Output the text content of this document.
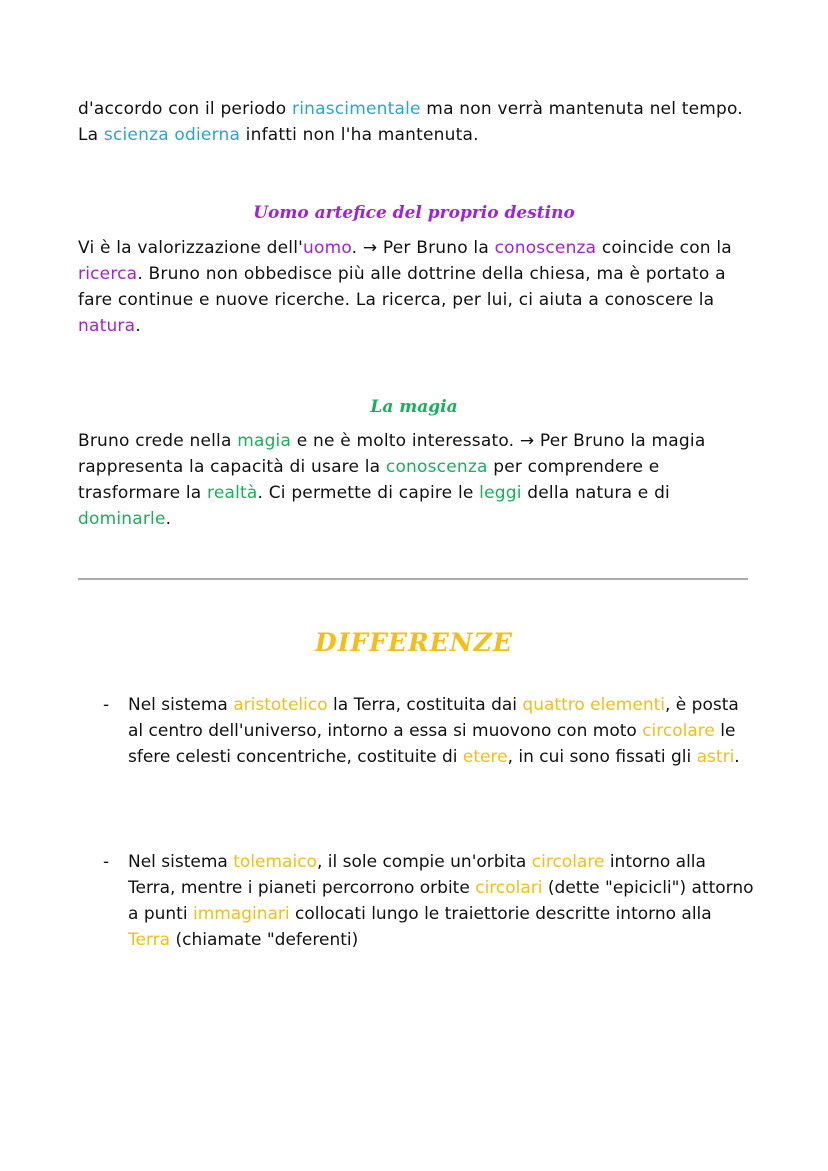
d'accordo con il periodo rinascimentale ma non verrà mantenuta nel tempo. La scienza odierna infatti non l'ha mantenuta.

Uomo artefice del proprio destino

Vi è la valorizzazione dell'uomo. → Per Bruno la conoscenza coincide con la ricerca. Bruno non obbedisce più alle dottrine della chiesa, ma è portato a fare continue e nuove ricerche. La ricerca, per lui, ci aiuta a conoscere la natura.

La magia

Bruno crede nella magia e ne è molto interessato. → Per Bruno la magia rappresenta la capacità di usare la conoscenza per comprendere e trasformare la realtà. Ci permette di capire le leggi della natura e di dominarle.

DIFFERENZE
- Nel sistema aristotelico la Terra, costituita dai quattro elementi, è posta al centro dell'universo, intorno a essa si muovono con moto circolare le sfere celesti concentriche, costituite di etere, in cui sono fissati gli astri.
- Nel sistema tolemaico, il sole compie un'orbita circolare intorno alla Terra, mentre i pianeti percorrono orbite circolari (dette "epicicli") attorno a punti immaginari collocati lungo le traiettorie descritte intorno alla Terra (chiamate "deferenti)
